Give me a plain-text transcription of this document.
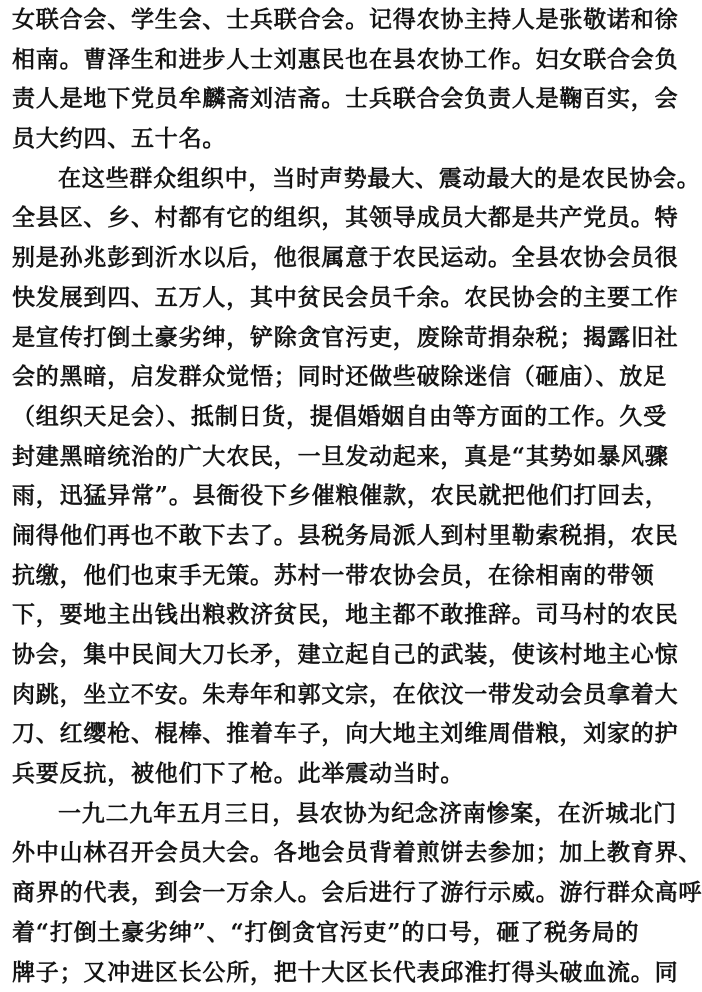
女联合会、学生会、士兵联合会。记得农协主持人是张敬诺和徐
相南。曹泽生和进步人士刘惠民也在县农协工作。妇女联合会负
责人是地下党员牟麟斋刘洁斋。士兵联合会负责人是鞠百实，会
员大约四、五十名。

在这些群众组织中，当时声势最大、震动最大的是农民协会。
全县区、乡、村都有它的组织，其领导成员大都是共产党员。特
别是孙兆彭到沂水以后，他很属意于农民运动。全县农协会员很
快发展到四、五万人，其中贫民会员千余。农民协会的主要工作
是宣传打倒土豪劣绅，铲除贪官污吏，废除苛捐杂税；揭露旧社
会的黑暗，启发群众觉悟；同时还做些破除迷信（砸庙）、放足
（组织天足会）、抵制日货，提倡婚姻自由等方面的工作。久受
封建黑暗统治的广大农民，一旦发动起来，真是“其势如暴风骤
雨，迅猛异常”。县衙役下乡催粮催款，农民就把他们打回去，
闹得他们再也不敢下去了。县税务局派人到村里勒索税捐，农民
抗缴，他们也束手无策。苏村一带农协会员，在徐相南的带领
下，要地主出钱出粮救济贫民，地主都不敢推辞。司马村的农民
协会，集中民间大刀长矛，建立起自己的武装，使该村地主心惊
肉跳，坐立不安。朱寿年和郭文宗，在依汶一带发动会员拿着大
刀、红缨枪、棍棒、推着车子，向大地主刘维周借粮，刘家的护
兵要反抗，被他们下了枪。此举震动当时。

一九二九年五月三日，县农协为纪念济南惨案，在沂城北门
外中山林召开会员大会。各地会员背着煎饼去参加；加上教育界、
商界的代表，到会一万余人。会后进行了游行示威。游行群众高呼
着“打倒土豪劣绅”、“打倒贪官污吏”的口号，砸了税务局的
牌子；又冲进区长公所，把十大区长代表邱淮打得头破血流。同
